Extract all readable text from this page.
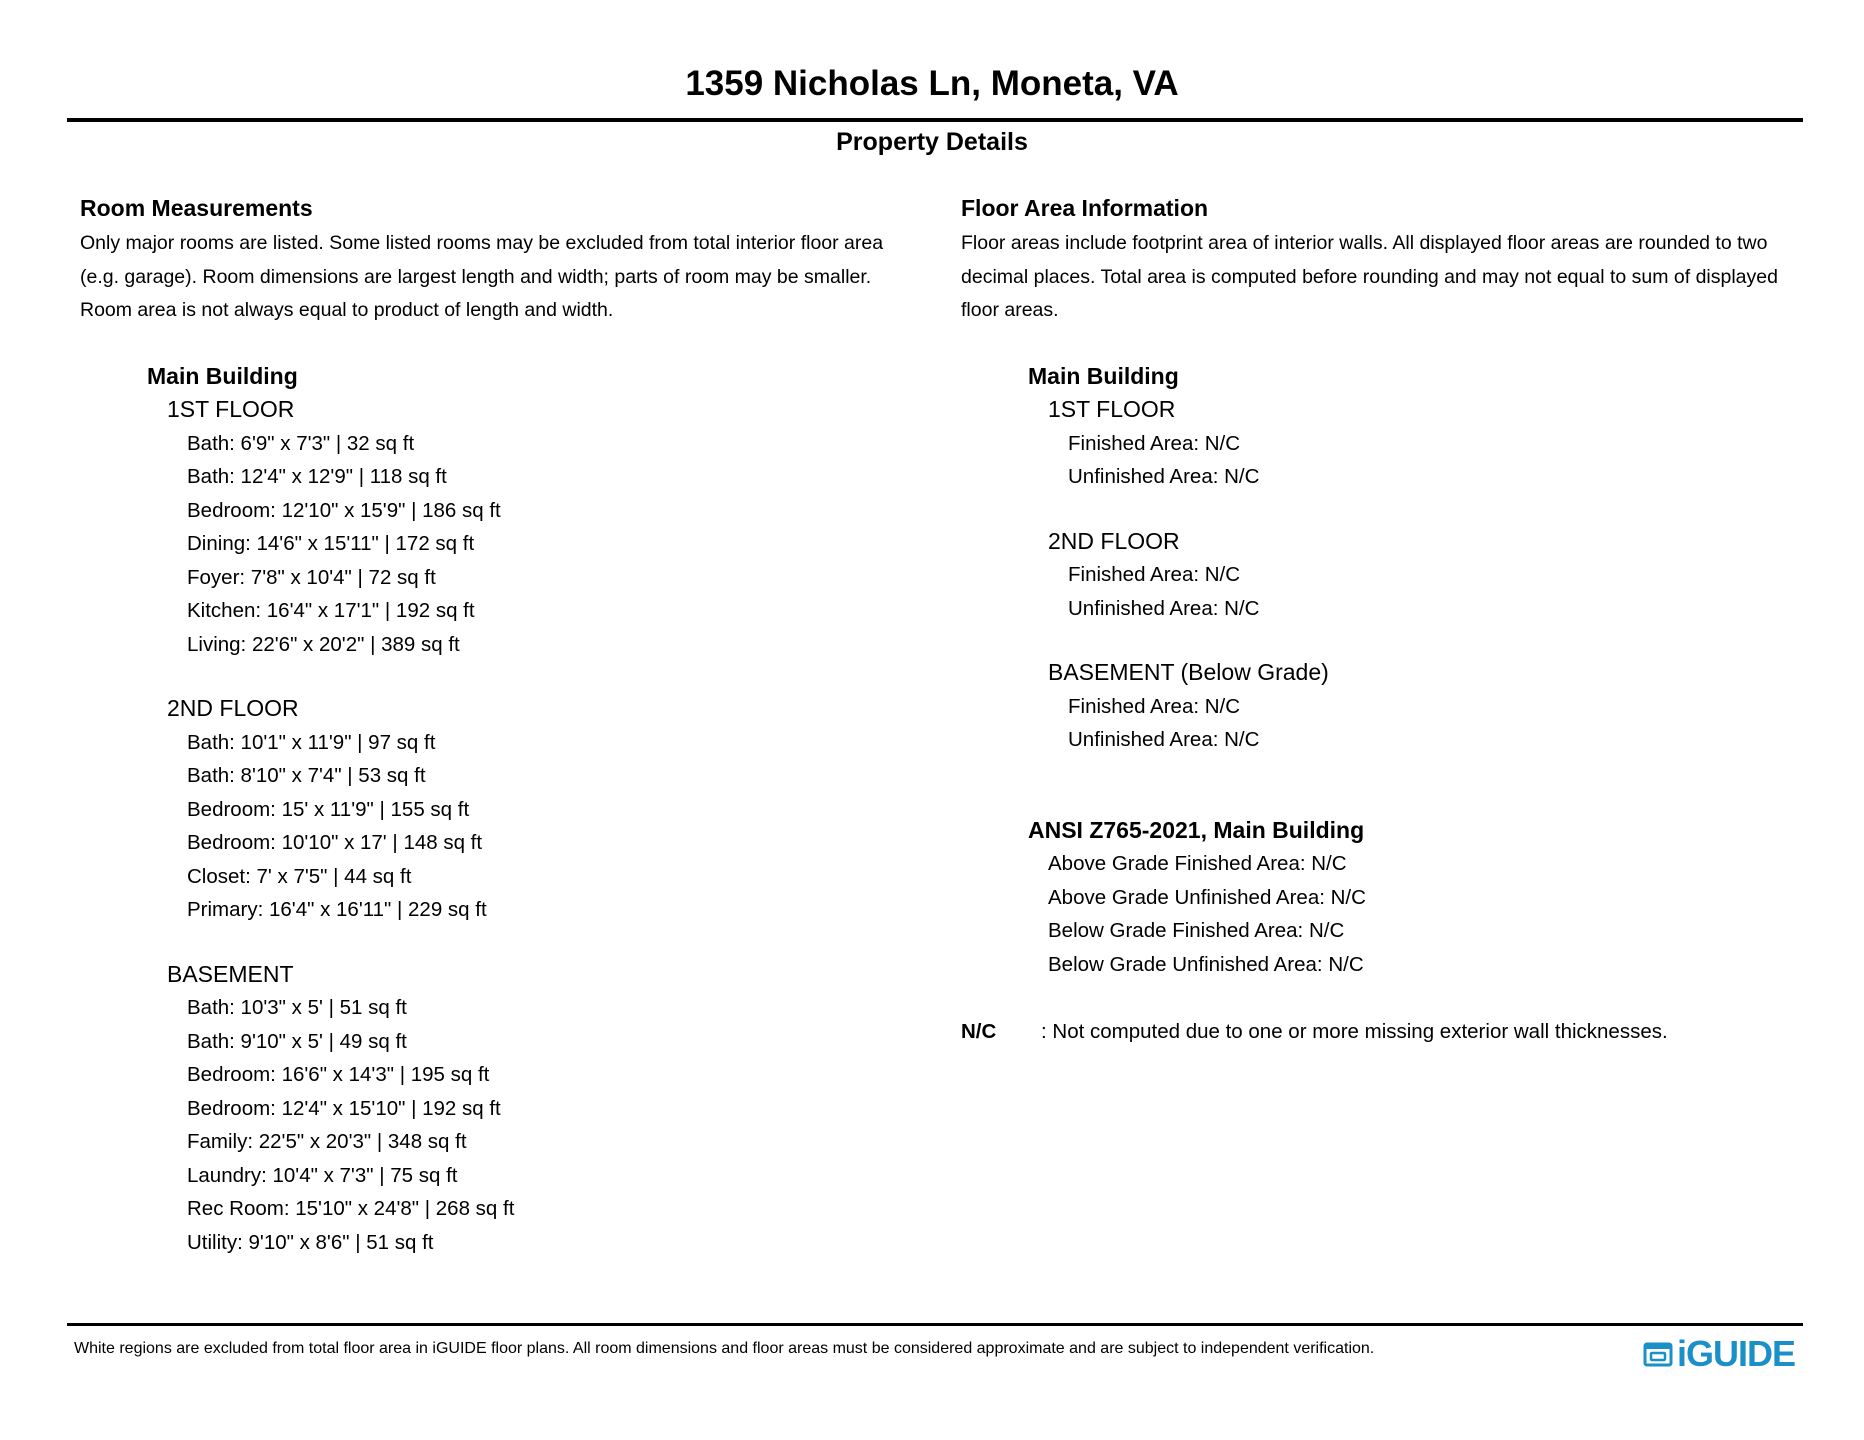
1359 Nicholas Ln, Moneta, VA
Property Details
Room Measurements
Only major rooms are listed. Some listed rooms may be excluded from total interior floor area
(e.g. garage). Room dimensions are largest length and width; parts of room may be smaller.
Room area is not always equal to product of length and width.
Main Building
1ST FLOOR
Bath: 6'9" x 7'3" | 32 sq ft
Bath: 12'4" x 12'9" | 118 sq ft
Bedroom: 12'10" x 15'9" | 186 sq ft
Dining: 14'6" x 15'11" | 172 sq ft
Foyer: 7'8" x 10'4" | 72 sq ft
Kitchen: 16'4" x 17'1" | 192 sq ft
Living: 22'6" x 20'2" | 389 sq ft
2ND FLOOR
Bath: 10'1" x 11'9" | 97 sq ft
Bath: 8'10" x 7'4" | 53 sq ft
Bedroom: 15' x 11'9" | 155 sq ft
Bedroom: 10'10" x 17' | 148 sq ft
Closet: 7' x 7'5" | 44 sq ft
Primary: 16'4" x 16'11" | 229 sq ft
BASEMENT
Bath: 10'3" x 5' | 51 sq ft
Bath: 9'10" x 5' | 49 sq ft
Bedroom: 16'6" x 14'3" | 195 sq ft
Bedroom: 12'4" x 15'10" | 192 sq ft
Family: 22'5" x 20'3" | 348 sq ft
Laundry: 10'4" x 7'3" | 75 sq ft
Rec Room: 15'10" x 24'8" | 268 sq ft
Utility: 9'10" x 8'6" | 51 sq ft
Floor Area Information
Floor areas include footprint area of interior walls. All displayed floor areas are rounded to two
decimal places. Total area is computed before rounding and may not equal to sum of displayed
floor areas.
Main Building
1ST FLOOR
Finished Area: N/C
Unfinished Area: N/C
2ND FLOOR
Finished Area: N/C
Unfinished Area: N/C
BASEMENT (Below Grade)
Finished Area: N/C
Unfinished Area: N/C
ANSI Z765-2021, Main Building
Above Grade Finished Area: N/C
Above Grade Unfinished Area: N/C
Below Grade Finished Area: N/C
Below Grade Unfinished Area: N/C
N/C : Not computed due to one or more missing exterior wall thicknesses.
White regions are excluded from total floor area in iGUIDE floor plans. All room dimensions and floor areas must be considered approximate and are subject to independent verification.	iGUIDE
